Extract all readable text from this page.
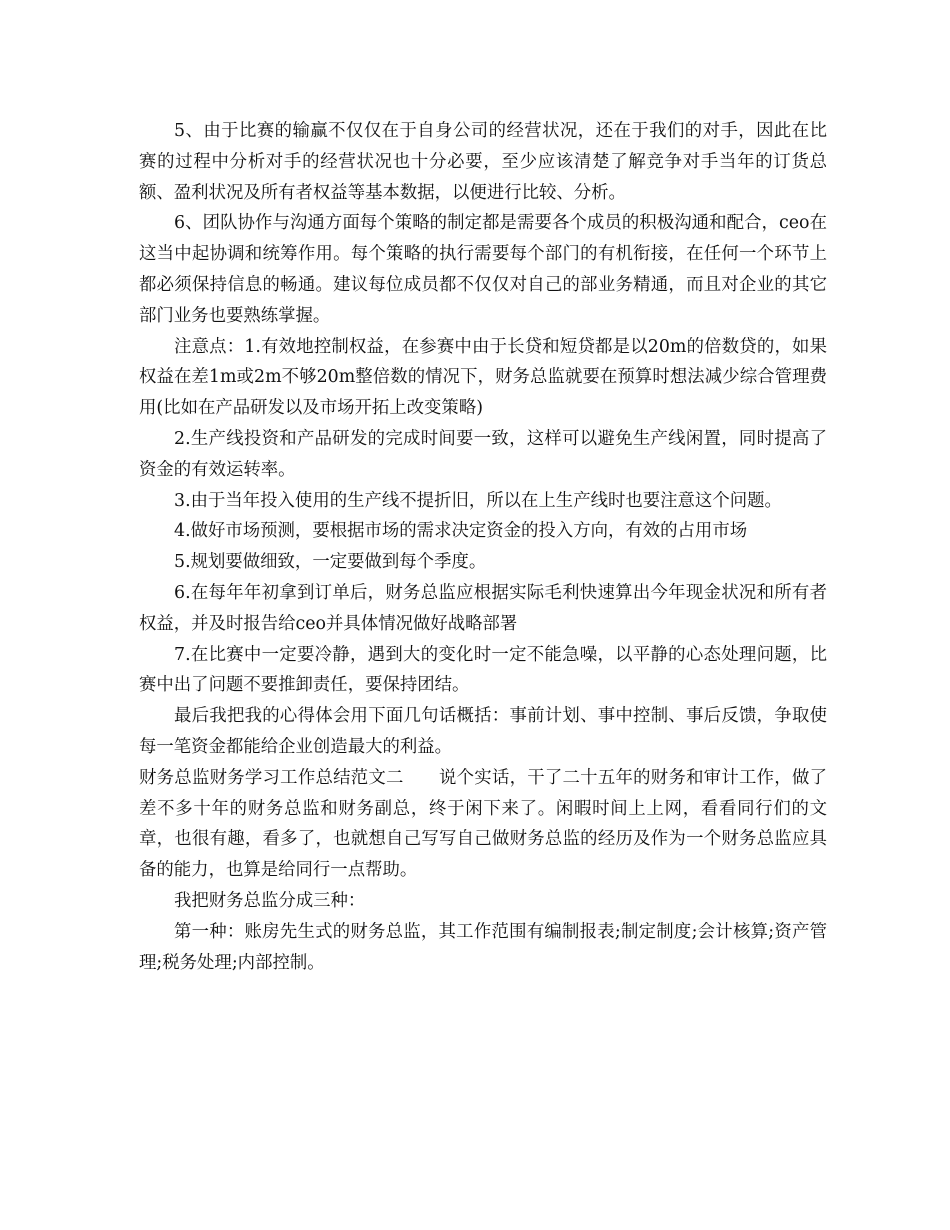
5、由于比赛的输赢不仅仅在于自身公司的经营状况，还在于我们的对手，因此在比赛的过程中分析对手的经营状况也十分必要，至少应该清楚了解竞争对手当年的订货总额、盈利状况及所有者权益等基本数据，以便进行比较、分析。

6、团队协作与沟通方面每个策略的制定都是需要各个成员的积极沟通和配合，ceo在这当中起协调和统筹作用。每个策略的执行需要每个部门的有机衔接，在任何一个环节上都必须保持信息的畅通。建议每位成员都不仅仅对自己的部业务精通，而且对企业的其它部门业务也要熟练掌握。

注意点：1.有效地控制权益，在参赛中由于长贷和短贷都是以20m的倍数贷的，如果权益在差1m或2m不够20m整倍数的情况下，财务总监就要在预算时想法减少综合管理费用(比如在产品研发以及市场开拓上改变策略)

2.生产线投资和产品研发的完成时间要一致，这样可以避免生产线闲置，同时提高了资金的有效运转率。

3.由于当年投入使用的生产线不提折旧，所以在上生产线时也要注意这个问题。

4.做好市场预测，要根据市场的需求决定资金的投入方向，有效的占用市场

5.规划要做细致，一定要做到每个季度。

6.在每年年初拿到订单后，财务总监应根据实际毛利快速算出今年现金状况和所有者权益，并及时报告给ceo并具体情况做好战略部署

7.在比赛中一定要冷静，遇到大的变化时一定不能急噪，以平静的心态处理问题，比赛中出了问题不要推卸责任，要保持团结。

最后我把我的心得体会用下面几句话概括：事前计划、事中控制、事后反馈，争取使每一笔资金都能给企业创造最大的利益。

财务总监财务学习工作总结范文二　　说个实话，干了二十五年的财务和审计工作，做了差不多十年的财务总监和财务副总，终于闲下来了。闲暇时间上上网，看看同行们的文章，也很有趣，看多了，也就想自己写写自己做财务总监的经历及作为一个财务总监应具备的能力，也算是给同行一点帮助。

我把财务总监分成三种：

第一种：账房先生式的财务总监，其工作范围有编制报表;制定制度;会计核算;资产管理;税务处理;内部控制。
